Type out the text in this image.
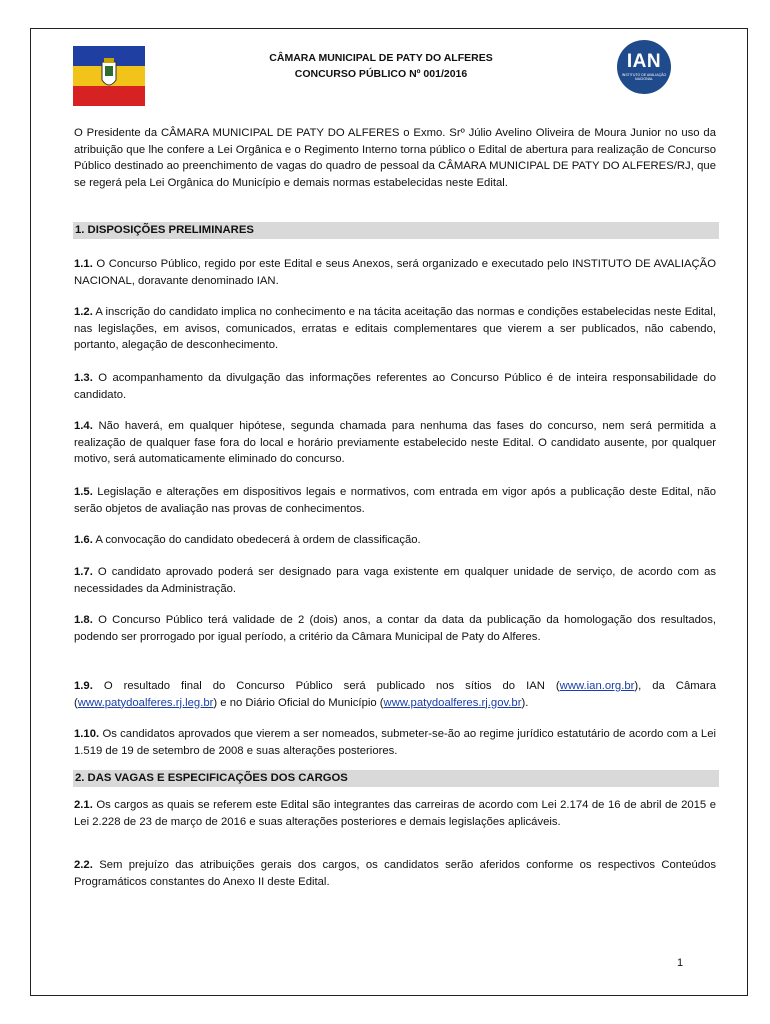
CÂMARA MUNICIPAL DE PATY DO ALFERES
CONCURSO PÚBLICO Nº 001/2016
IAN
INSTITUTO DE AVALIAÇÃO NACIONAL
O Presidente da CÂMARA MUNICIPAL DE PATY DO ALFERES o Exmo. Srº Júlio Avelino Oliveira de Moura Junior no uso da atribuição que lhe confere a Lei Orgânica e o Regimento Interno torna público o Edital de abertura para realização de Concurso Público destinado ao preenchimento de vagas do quadro de pessoal da CÂMARA MUNICIPAL DE PATY DO ALFERES/RJ, que se regerá pela Lei Orgânica do Município e demais normas estabelecidas neste Edital.
1. DISPOSIÇÕES PRELIMINARES
1.1. O Concurso Público, regido por este Edital e seus Anexos, será organizado e executado pelo INSTITUTO DE AVALIAÇÃO NACIONAL, doravante denominado IAN.
1.2. A inscrição do candidato implica no conhecimento e na tácita aceitação das normas e condições estabelecidas neste Edital, nas legislações, em avisos, comunicados, erratas e editais complementares que vierem a ser publicados, não cabendo, portanto, alegação de desconhecimento.
1.3. O acompanhamento da divulgação das informações referentes ao Concurso Público é de inteira responsabilidade do candidato.
1.4. Não haverá, em qualquer hipótese, segunda chamada para nenhuma das fases do concurso, nem será permitida a realização de qualquer fase fora do local e horário previamente estabelecido neste Edital. O candidato ausente, por qualquer motivo, será automaticamente eliminado do concurso.
1.5. Legislação e alterações em dispositivos legais e normativos, com entrada em vigor após a publicação deste Edital, não serão objetos de avaliação nas provas de conhecimentos.
1.6. A convocação do candidato obedecerá à ordem de classificação.
1.7. O candidato aprovado poderá ser designado para vaga existente em qualquer unidade de serviço, de acordo com as necessidades da Administração.
1.8. O Concurso Público terá validade de 2 (dois) anos, a contar da data da publicação da homologação dos resultados, podendo ser prorrogado por igual período, a critério da Câmara Municipal de Paty do Alferes.
1.9. O resultado final do Concurso Público será publicado nos sítios do IAN (www.ian.org.br), da Câmara (www.patydoalferes.rj.leg.br) e no Diário Oficial do Município (www.patydoalferes.rj.gov.br).
1.10. Os candidatos aprovados que vierem a ser nomeados, submeter-se-ão ao regime jurídico estatutário de acordo com a Lei 1.519 de 19 de setembro de 2008 e suas alterações posteriores.
2. DAS VAGAS E ESPECIFICAÇÕES DOS CARGOS
2.1. Os cargos as quais se referem este Edital são integrantes das carreiras de acordo com Lei 2.174 de 16 de abril de 2015 e Lei 2.228 de 23 de março de 2016 e suas alterações posteriores e demais legislações aplicáveis.
2.2. Sem prejuízo das atribuições gerais dos cargos, os candidatos serão aferidos conforme os respectivos Conteúdos Programáticos constantes do Anexo II deste Edital.
1
